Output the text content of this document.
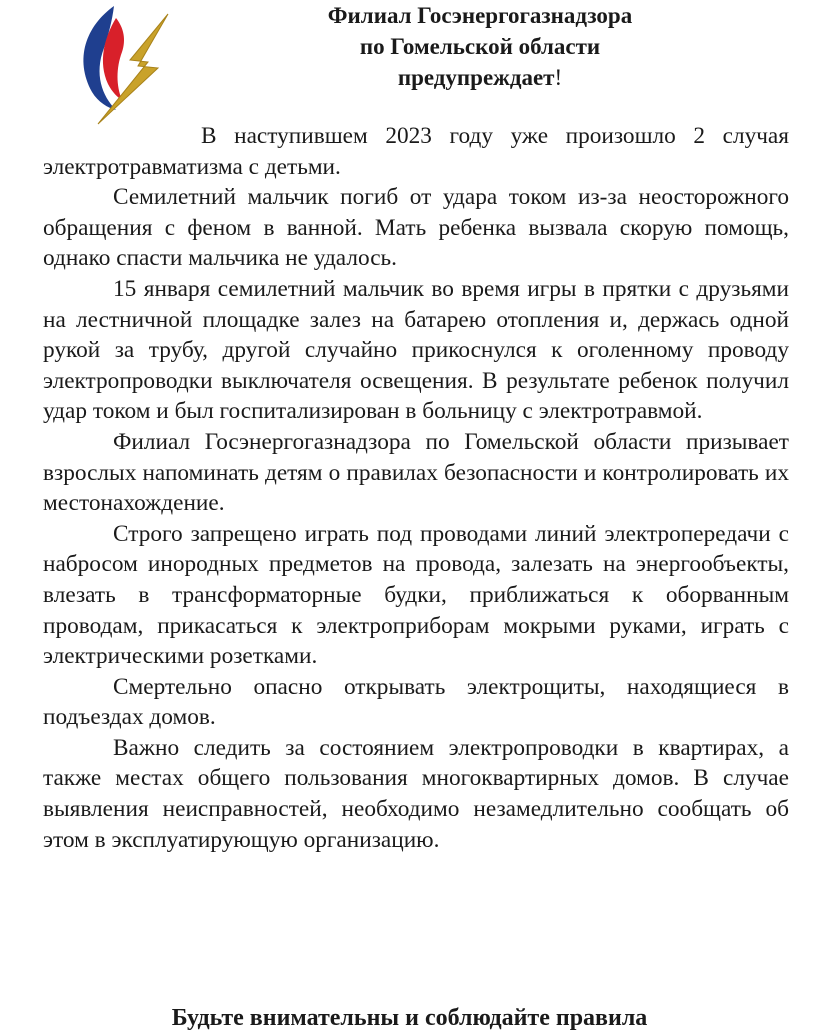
Филиал Госэнергогазнадзора
по Гомельской области
предупреждает!

В наступившем 2023 году уже произошло 2 случая электротравматизма с детьми.

Семилетний мальчик погиб от удара током из-за неосторожного обращения с феном в ванной. Мать ребенка вызвала скорую помощь, однако спасти мальчика не удалось.

15 января семилетний мальчик во время игры в прятки с друзьями на лестничной площадке залез на батарею отопления и, держась одной рукой за трубу, другой случайно прикоснулся к оголенному проводу электропроводки выключателя освещения. В результате ребенок получил удар током и был госпитализирован в больницу с электротравмой.

Филиал Госэнергогазнадзора по Гомельской области призывает взрослых напоминать детям о правилах безопасности и контролировать их местонахождение.

Строго запрещено играть под проводами линий электропередачи с набросом инородных предметов на провода, залезать на энергообъекты, влезать в трансформаторные будки, приближаться к оборванным проводам, прикасаться к электроприборам мокрыми руками, играть с электрическими розетками.

Смертельно опасно открывать электрощиты, находящиеся в подъездах домов.

Важно следить за состоянием электропроводки в квартирах, а также местах общего пользования многоквартирных домов. В случае выявления неисправностей, необходимо незамедлительно сообщать об этом в эксплуатирующую организацию.

Будьте внимательны и соблюдайте правила
